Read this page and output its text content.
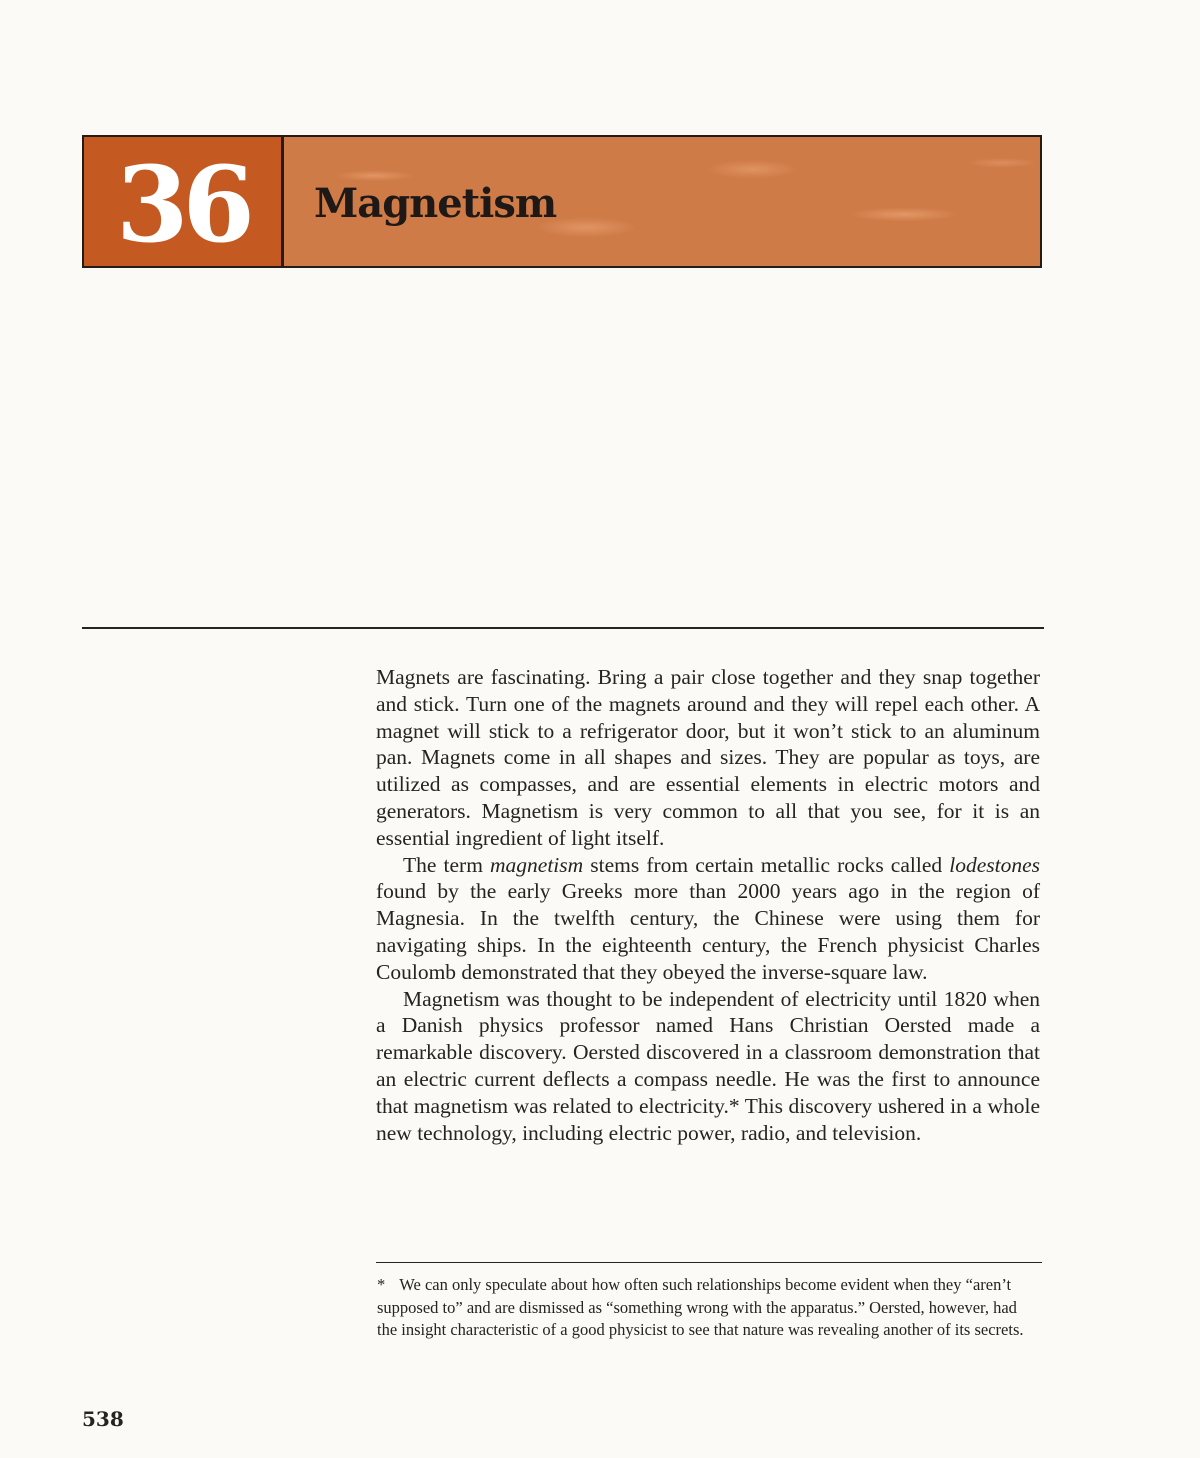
36 Magnetism

Magnets are fascinating. Bring a pair close together and they snap together and stick. Turn one of the magnets around and they will repel each other. A magnet will stick to a refrigerator door, but it won’t stick to an aluminum pan. Magnets come in all shapes and sizes. They are popular as toys, are utilized as compasses, and are essential elements in electric motors and generators. Magnetism is very common to all that you see, for it is an essential ingredient of light itself.

The term magnetism stems from certain metallic rocks called lodestones found by the early Greeks more than 2000 years ago in the region of Magnesia. In the twelfth century, the Chinese were using them for navigating ships. In the eighteenth century, the French physicist Charles Coulomb demonstrated that they obeyed the inverse-square law.

Magnetism was thought to be independent of electricity until 1820 when a Danish physics professor named Hans Christian Oersted made a remarkable discovery. Oersted discovered in a classroom demonstration that an electric current deflects a compass needle. He was the first to announce that magnetism was related to electricity.* This discovery ushered in a whole new technology, including electric power, radio, and television.

* We can only speculate about how often such relationships become evident when they “aren’t supposed to” and are dismissed as “something wrong with the apparatus.” Oersted, however, had the insight characteristic of a good physicist to see that nature was revealing another of its secrets.
538
